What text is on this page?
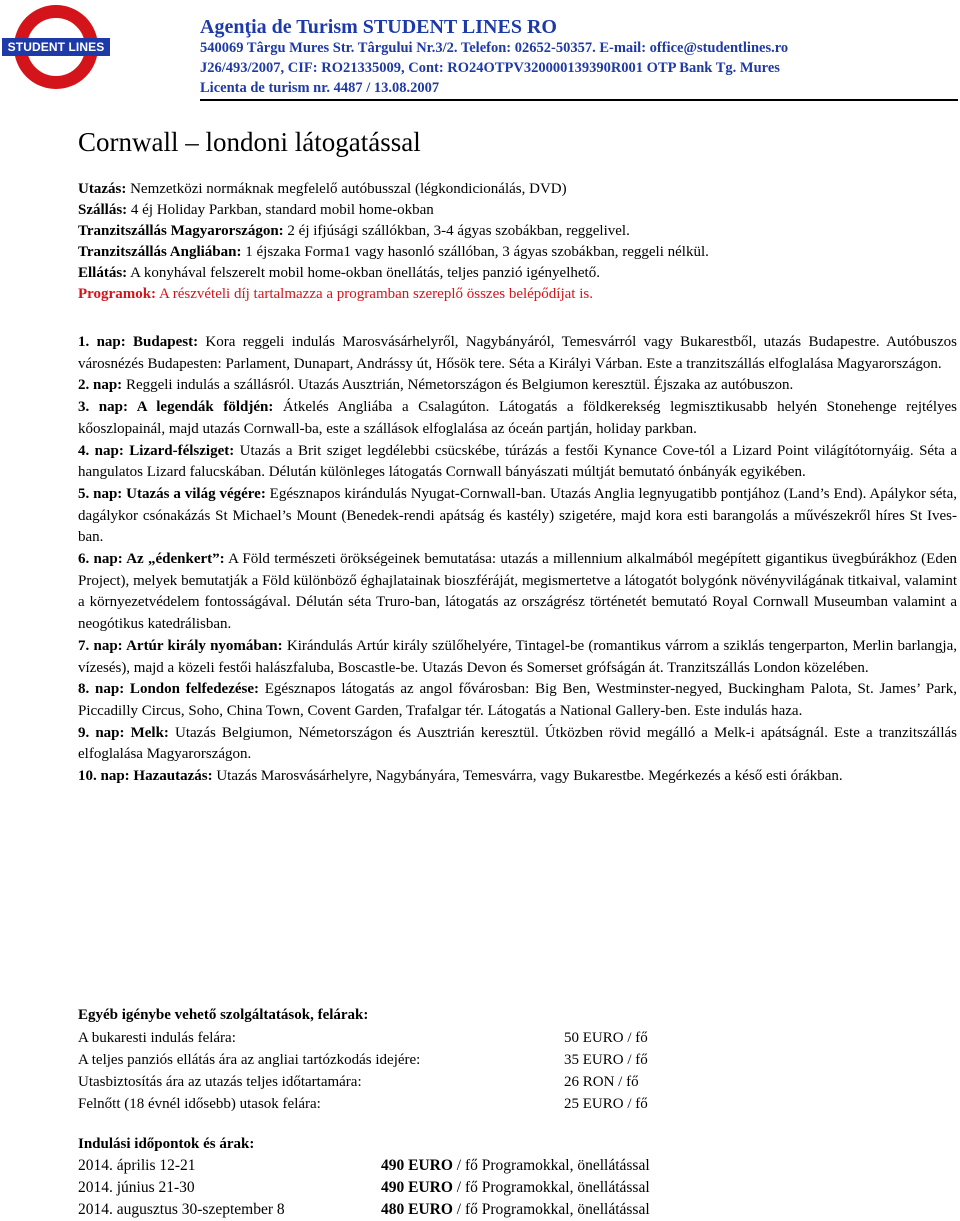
STUDENT LINES
Agenţia de Turism STUDENT LINES RO
540069 Târgu Mures Str. Târgului Nr.3/2. Telefon: 02652-50357. E-mail: office@studentlines.ro
J26/493/2007, CIF: RO21335009, Cont: RO24OTPV320000139390R001 OTP Bank Tg. Mures
Licenta de turism nr. 4487 / 13.08.2007
Cornwall – londoni látogatással

Utazás: Nemzetközi normáknak megfelelő autóbusszal (légkondicionálás, DVD)

Szállás: 4 éj Holiday Parkban, standard mobil home-okban

Tranzitszállás Magyarországon: 2 éj ifjúsági szállókban, 3-4 ágyas szobákban, reggelivel.

Tranzitszállás Angliában: 1 éjszaka Forma1 vagy hasonló szállóban, 3 ágyas szobákban, reggeli nélkül.

Ellátás: A konyhával felszerelt mobil home-okban önellátás, teljes panzió igényelhető.

Programok: A részvételi díj tartalmazza a programban szereplő összes belépődíjat is.

1. nap: Budapest: Kora reggeli indulás Marosvásárhelyről, Nagybányáról, Temesvárról vagy Bukarestből, utazás Budapestre. Autóbuszos városnézés Budapesten: Parlament, Dunapart, Andrássy út, Hősök tere. Séta a Királyi Várban. Este a tranzitszállás elfoglalása Magyarországon.

2. nap: Reggeli indulás a szállásról. Utazás Ausztrián, Németországon és Belgiumon keresztül. Éjszaka az autóbuszon.

3. nap: A legendák földjén: Átkelés Angliába a Csalagúton. Látogatás a földkerekség legmisztikusabb helyén Stonehenge rejtélyes kőoszlopainál, majd utazás Cornwall-ba, este a szállások elfoglalása az óceán partján, holiday parkban.

4. nap: Lizard-félsziget: Utazás a Brit sziget legdélebbi csücskébe, túrázás a festői Kynance Cove-tól a Lizard Point világítótornyáig. Séta a hangulatos Lizard falucskában. Délután különleges látogatás Cornwall bányászati múltját bemutató ónbányák egyikében.

5. nap: Utazás a világ végére: Egésznapos kirándulás Nyugat-Cornwall-ban. Utazás Anglia legnyugatibb pontjához (Land’s End). Apálykor séta, dagálykor csónakázás St Michael’s Mount (Benedek-rendi apátság és kastély) szigetére, majd kora esti barangolás a művészekről híres St Ives-ban.

6. nap: Az „édenkert”: A Föld természeti örökségeinek bemutatása: utazás a millennium alkalmából megépített gigantikus üvegbúrákhoz (Eden Project), melyek bemutatják a Föld különböző éghajlatainak bioszféráját, megismertetve a látogatót bolygónk növényvilágának titkaival, valamint a környezetvédelem fontosságával. Délután séta Truro-ban, látogatás az országrész történetét bemutató Royal Cornwall Museumban valamint a neogótikus katedrálisban.

7. nap: Artúr király nyomában: Kirándulás Artúr király szülőhelyére, Tintagel-be (romantikus várrom a sziklás tengerparton, Merlin barlangja, vízesés), majd a közeli festői halászfaluba, Boscastle-be. Utazás Devon és Somerset grófságán át. Tranzitszállás London közelében.

8. nap: London felfedezése: Egésznapos látogatás az angol fővárosban: Big Ben, Westminster-negyed, Buckingham Palota, St. James’ Park, Piccadilly Circus, Soho, China Town, Covent Garden, Trafalgar tér. Látogatás a National Gallery-ben. Este indulás haza.

9. nap: Melk: Utazás Belgiumon, Németországon és Ausztrián keresztül. Útközben rövid megálló a Melk-i apátságnál. Este a tranzitszállás elfoglalása Magyarországon.

10. nap: Hazautazás: Utazás Marosvásárhelyre, Nagybányára, Temesvárra, vagy Bukarestbe. Megérkezés a késő esti órákban.

Egyéb igénybe vehető szolgáltatások, felárak:
A bukaresti indulás felára:	50 EURO / fő
A teljes panziós ellátás ára az angliai tartózkodás idejére:	35 EURO / fő
Utasbiztosítás ára az utazás teljes időtartamára:	26 RON / fő
Felnőtt (18 évnél idősebb) utasok felára:	25 EURO / fő
Indulási időpontok és árak:
2014. április 12-21	490 EURO / fő Programokkal, önellátással
2014. június 21-30	490 EURO / fő Programokkal, önellátással
2014. augusztus 30-szeptember 8	480 EURO / fő Programokkal, önellátással
